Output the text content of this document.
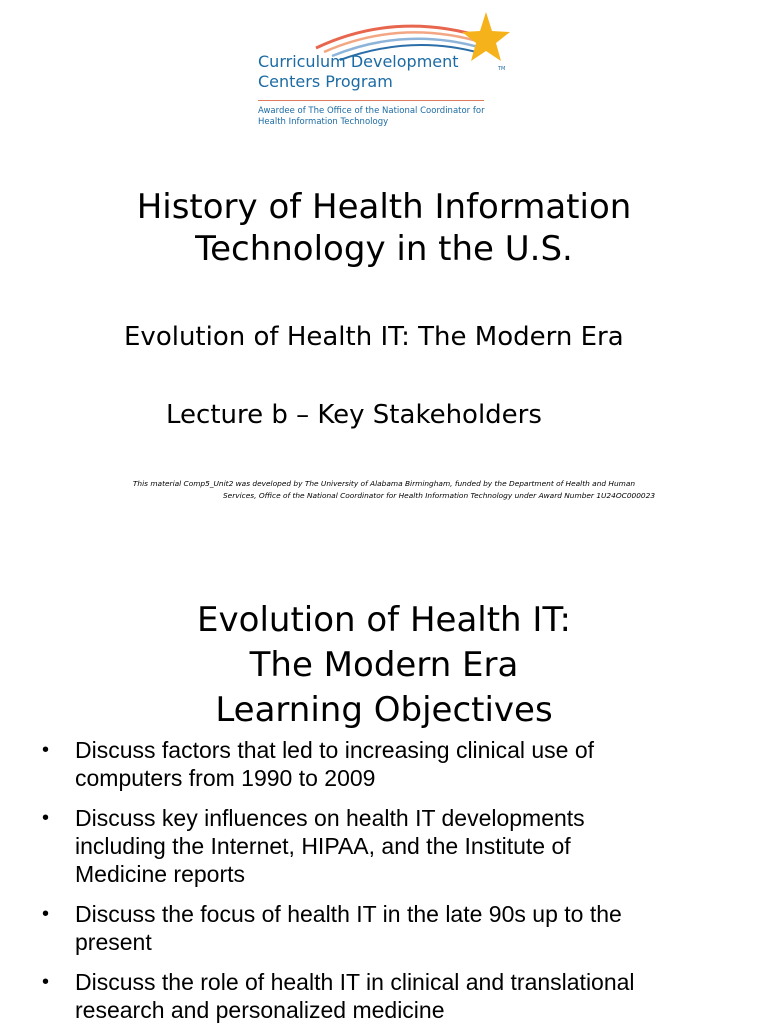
Curriculum Development
Centers Program
TM
Awardee of The Office of the National Coordinator for
Health Information Technology
History of Health Information
Technology in the U.S.
Evolution of Health IT: The Modern Era
Lecture b – Key Stakeholders
This material Comp5_Unit2 was developed by The University of Alabama Birmingham, funded by the Department of Health and Human
Services, Office of the National Coordinator for Health Information Technology under Award Number 1U24OC000023
Evolution of Health IT:
The Modern Era
Learning Objectives
•	Discuss factors that led to increasing clinical use of
computers from 1990 to 2009
•	Discuss key influences on health IT developments
including the Internet, HIPAA, and the Institute of
Medicine reports
•	Discuss the focus of health IT in the late 90s up to the
present
•	Discuss the role of health IT in clinical and translational
research and personalized medicine
